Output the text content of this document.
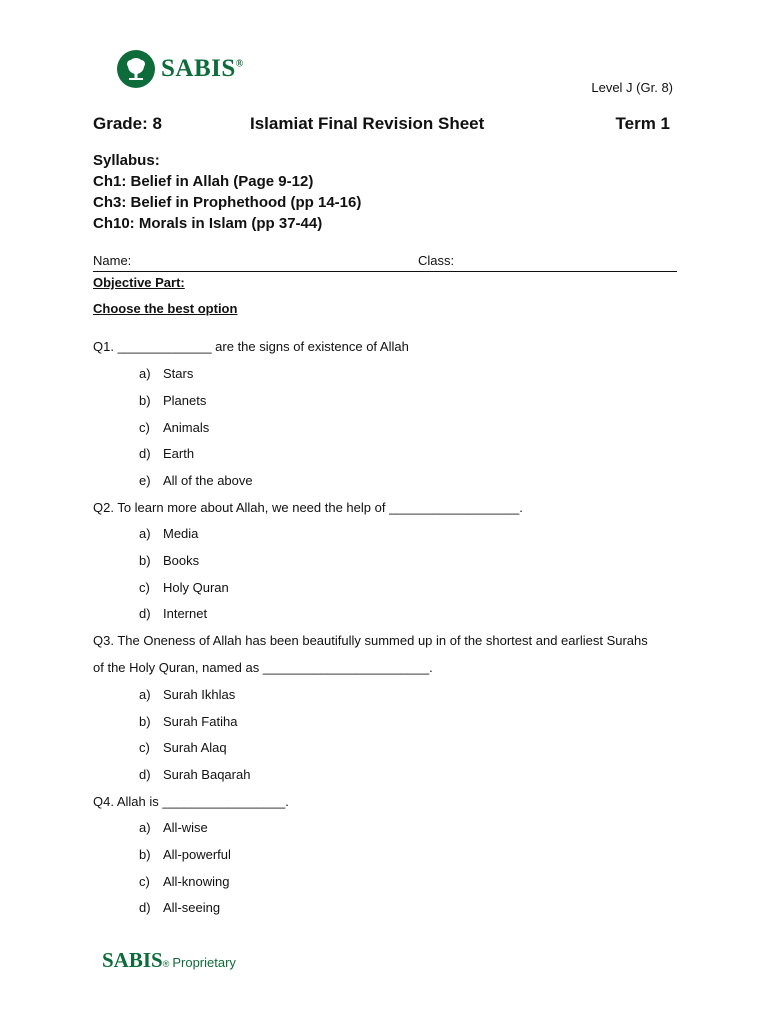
SABIS®
Level J (Gr. 8)
Grade: 8	Islamiat Final Revision Sheet	Term 1
Syllabus:
Ch1: Belief in Allah (Page 9-12)
Ch3: Belief in Prophethood (pp 14-16)
Ch10: Morals in Islam (pp 37-44)
Name:	Class:
Objective Part:
Choose the best option
Q1. _____________ are the signs of existence of Allah
a) Stars
b) Planets
c) Animals
d) Earth
e) All of the above
Q2. To learn more about Allah, we need the help of __________________.
a) Media
b) Books
c) Holy Quran
d) Internet
Q3. The Oneness of Allah has been beautifully summed up in of the shortest and earliest Surahs
of the Holy Quran, named as _______________________.
a) Surah Ikhlas
b) Surah Fatiha
c) Surah Alaq
d) Surah Baqarah
Q4. Allah is _________________.
a) All-wise
b) All-powerful
c) All-knowing
d) All-seeing
SABIS ® Proprietary
